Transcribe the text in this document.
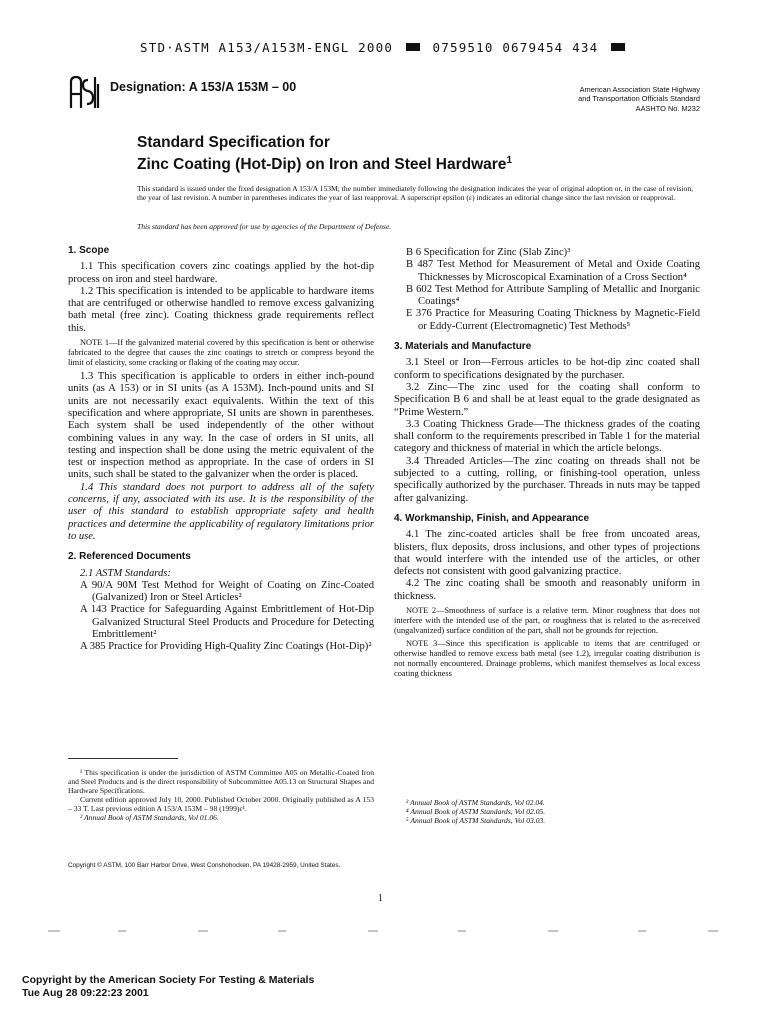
STD·ASTM A153/A153M-ENGL 2000	0759510 0679454 434
Designation: A 153/A 153M – 00	American Association State Highway
and Transportation Officials Standard
AASHTO No. M232
Standard Specification for
Zinc Coating (Hot-Dip) on Iron and Steel Hardware$^1$
This standard is issued under the fixed designation A 153/A 153M; the number immediately following the designation indicates the year of original adoption or, in the case of revision, the year of last revision. A number in parentheses indicates the year of last reapproval. A superscript epsilon (ε) indicates an editorial change since the last revision or reapproval.
This standard has been approved for use by agencies of the Department of Defense.

1. Scope

1.1 This specification covers zinc coatings applied by the hot-dip process on iron and steel hardware.

1.2 This specification is intended to be applicable to hardware items that are centrifuged or otherwise handled to remove excess galvanizing bath metal (free zinc). Coating thickness grade requirements reflect this.

NOTE 1—If the galvanized material covered by this specification is bent or otherwise fabricated to the degree that causes the zinc coatings to stretch or compress beyond the limit of elasticity, some cracking or flaking of the coating may occur.

1.3 This specification is applicable to orders in either inch-pound units (as A 153) or in SI units (as A 153M). Inch-pound units and SI units are not necessarily exact equivalents. Within the text of this specification and where appropriate, SI units are shown in parentheses. Each system shall be used independently of the other without combining values in any way. In the case of orders in SI units, all testing and inspection shall be done using the metric equivalent of the test or inspection method as appropriate. In the case of orders in SI units, such shall be stated to the galvanizer when the order is placed.

1.4 This standard does not purport to address all of the safety concerns, if any, associated with its use. It is the responsibility of the user of this standard to establish appropriate safety and health practices and determine the applicability of regulatory limitations prior to use.

2. Referenced Documents

2.1 ASTM Standards:

A 90/A 90M Test Method for Weight of Coating on Zinc-Coated (Galvanized) Iron or Steel Articles²

A 143 Practice for Safeguarding Against Embrittlement of Hot-Dip Galvanized Structural Steel Products and Procedure for Detecting Embrittlement²

A 385 Practice for Providing High-Quality Zinc Coatings (Hot-Dip)²

B 6 Specification for Zinc (Slab Zinc)³

B 487 Test Method for Measurement of Metal and Oxide Coating Thicknesses by Microscopical Examination of a Cross Section⁴

B 602 Test Method for Attribute Sampling of Metallic and Inorganic Coatings⁴

E 376 Practice for Measuring Coating Thickness by Magnetic-Field or Eddy-Current (Electromagnetic) Test Methods⁵

3. Materials and Manufacture

3.1 Steel or Iron—Ferrous articles to be hot-dip zinc coated shall conform to specifications designated by the purchaser.

3.2 Zinc—The zinc used for the coating shall conform to Specification B 6 and shall be at least equal to the grade designated as “Prime Western.”

3.3 Coating Thickness Grade—The thickness grades of the coating shall conform to the requirements prescribed in Table 1 for the material category and thickness of material in which the article belongs.

3.4 Threaded Articles—The zinc coating on threads shall not be subjected to a cutting, rolling, or finishing-tool operation, unless specifically authorized by the purchaser. Threads in nuts may be tapped after galvanizing.

4. Workmanship, Finish, and Appearance

4.1 The zinc-coated articles shall be free from uncoated areas, blisters, flux deposits, dross inclusions, and other types of projections that would interfere with the intended use of the articles, or other defects not consistent with good galvanizing practice.

4.2 The zinc coating shall be smooth and reasonably uniform in thickness.

NOTE 2—Smoothness of surface is a relative term. Minor roughness that does not interfere with the intended use of the part, or roughness that is related to the as-received (ungalvanized) surface condition of the part, shall not be grounds for rejection.

NOTE 3—Since this specification is applicable to items that are centrifuged or otherwise handled to remove excess bath metal (see 1.2), irregular coating distribution is not normally encountered. Drainage problems, which manifest themselves as local excess coating thickness

¹ This specification is under the jurisdiction of ASTM Committee A05 on Metallic-Coated Iron and Steel Products and is the direct responsibility of Subcommittee A05.13 on Structural Shapes and Hardware Specifications.

Current edition approved July 10, 2000. Published October 2000. Originally published as A 153 – 33 T. Last previous edition A 153/A 153M – 98 (1999)ε¹.

² Annual Book of ASTM Standards, Vol 01.06.

³ Annual Book of ASTM Standards, Vol 02.04.

⁴ Annual Book of ASTM Standards, Vol 02.05.

⁵ Annual Book of ASTM Standards, Vol 03.03.

Copyright © ASTM, 100 Barr Harbor Drive, West Conshohocken, PA 19428-2959, United States.
1
Copyright by the American Society For Testing & Materials
Tue Aug 28 09:22:23 2001
